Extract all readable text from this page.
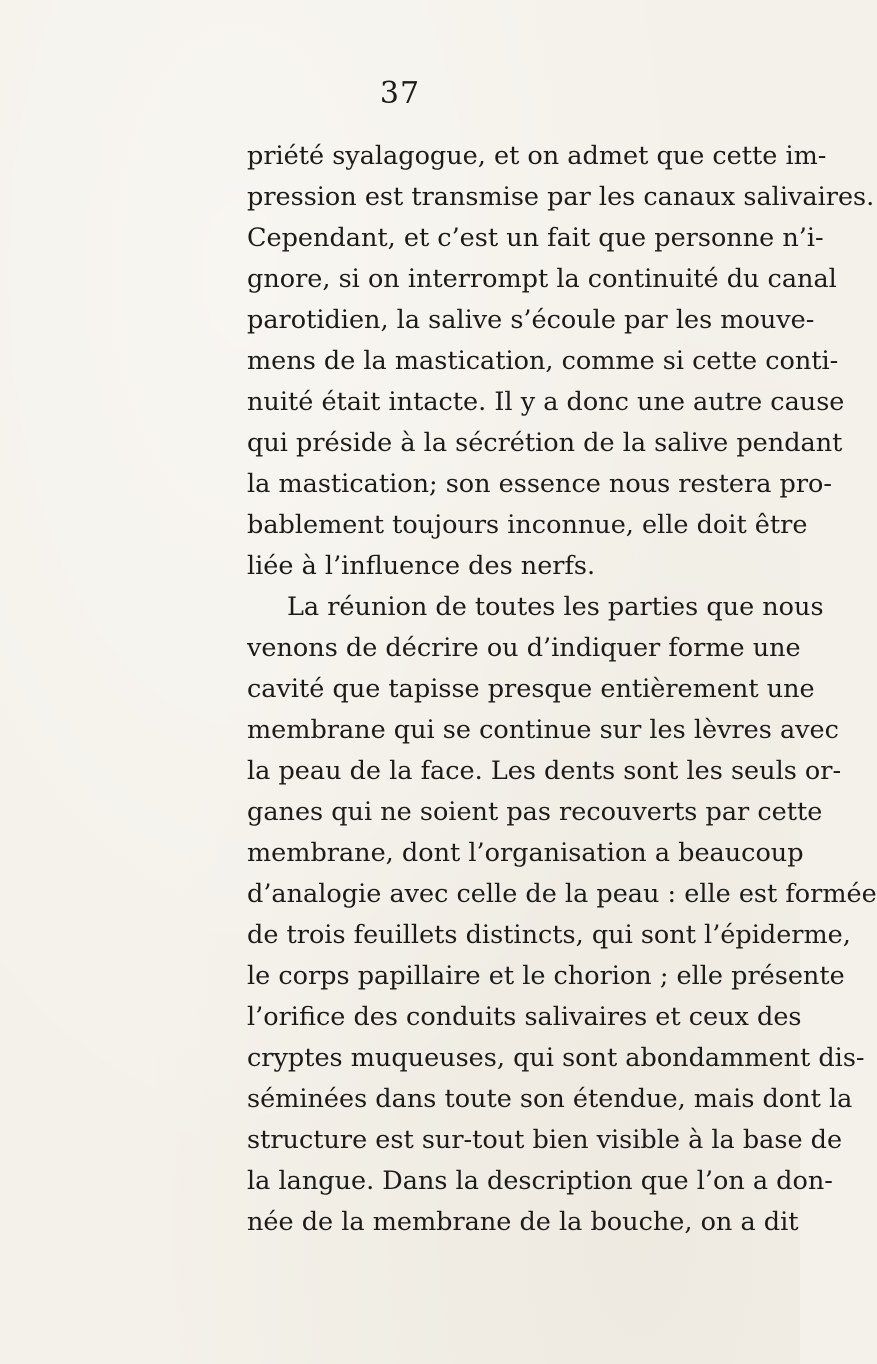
37
priété syalagogue, et on admet que cette im-
pression est transmise par les canaux salivaires.
Cependant, et c’est un fait que personne n’i-
gnore, si on interrompt la continuité du canal
parotidien, la salive s’écoule par les mouve-
mens de la mastication, comme si cette conti-
nuité était intacte. Il y a donc une autre cause
qui préside à la sécrétion de la salive pendant
la mastication; son essence nous restera pro-
bablement toujours inconnue, elle doit être
liée à l’influence des nerfs.
La réunion de toutes les parties que nous
venons de décrire ou d’indiquer forme une
cavité que tapisse presque entièrement une
membrane qui se continue sur les lèvres avec
la peau de la face. Les dents sont les seuls or-
ganes qui ne soient pas recouverts par cette
membrane, dont l’organisation a beaucoup
d’analogie avec celle de la peau : elle est formée
de trois feuillets distincts, qui sont l’épiderme,
le corps papillaire et le chorion ; elle présente
l’orifice des conduits salivaires et ceux des
cryptes muqueuses, qui sont abondamment dis-
séminées dans toute son étendue, mais dont la
structure est sur-tout bien visible à la base de
la langue. Dans la description que l’on a don-
née de la membrane de la bouche, on a dit
